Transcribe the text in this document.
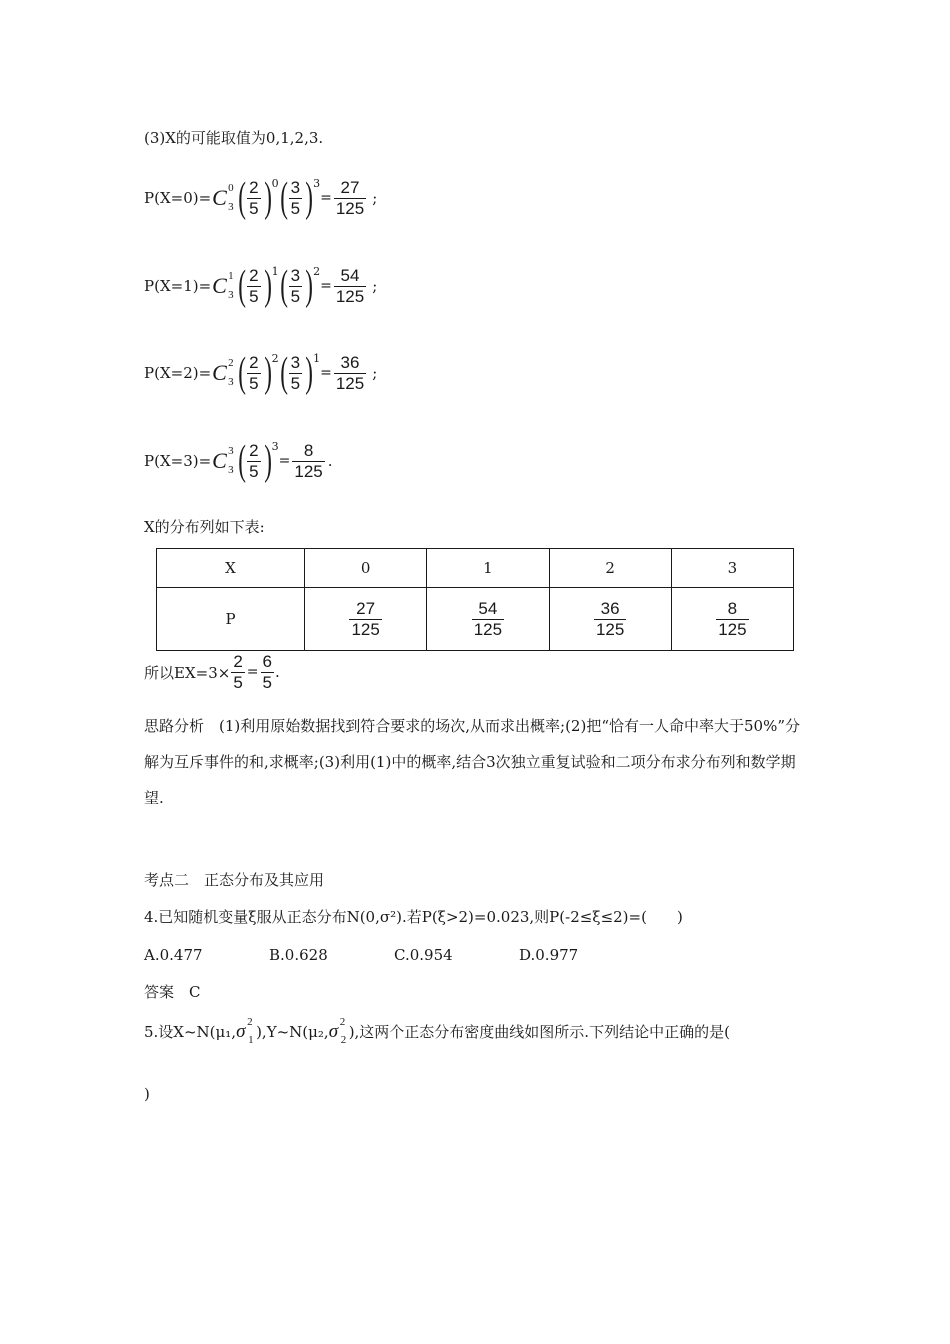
(3)X的可能取值为0,1,2,3.
P(X=0)= C 0
3 ( $\frac{2}{5}$ ) 0 ( $\frac{3}{5}$ ) 3
= $\frac{27}{125}$ ;
P(X=1)= C 1
3 ( $\frac{2}{5}$ ) 1 ( $\frac{3}{5}$ ) 2
= $\frac{54}{125}$ ;
P(X=2)= C 2
3 ( $\frac{2}{5}$ ) 2 ( $\frac{3}{5}$ ) 1
= $\frac{36}{125}$ ;
P(X=3)= C 3
3 ( $\frac{2}{5}$ ) 3
= $\frac{8}{125}$ .
X的分布列如下表:
X	0	1	2	3
P	$\frac{27}{125}$	$\frac{54}{125}$	$\frac{36}{125}$	$\frac{8}{125}$
所以$EX=3\times \frac{2}{5} = \frac{6}{5}$ .
思路分析　(1)利用原始数据找到符合要求的场次,从而求出概率;(2)把“恰有一人命中率大于50%”分解为互斥事件的和,求概率;(3)利用(1)中的概率,结合3次独立重复试验和二项分布求分布列和数学期望.
考点二　正态分布及其应用
4.已知随机变量ξ服从正态分布N(0,σ²).若P(ξ>2)=0.023,则P(-2≤ξ≤2)=(　　)
A.0.477	B.0.628	C.0.954	D.0.977
答案　C
5.设X~N(μ₁,σ 2
1 ),Y~N(μ₂,σ 2
2 ),这两个正态分布密度曲线如图所示.下列结论中正确的是(
)
